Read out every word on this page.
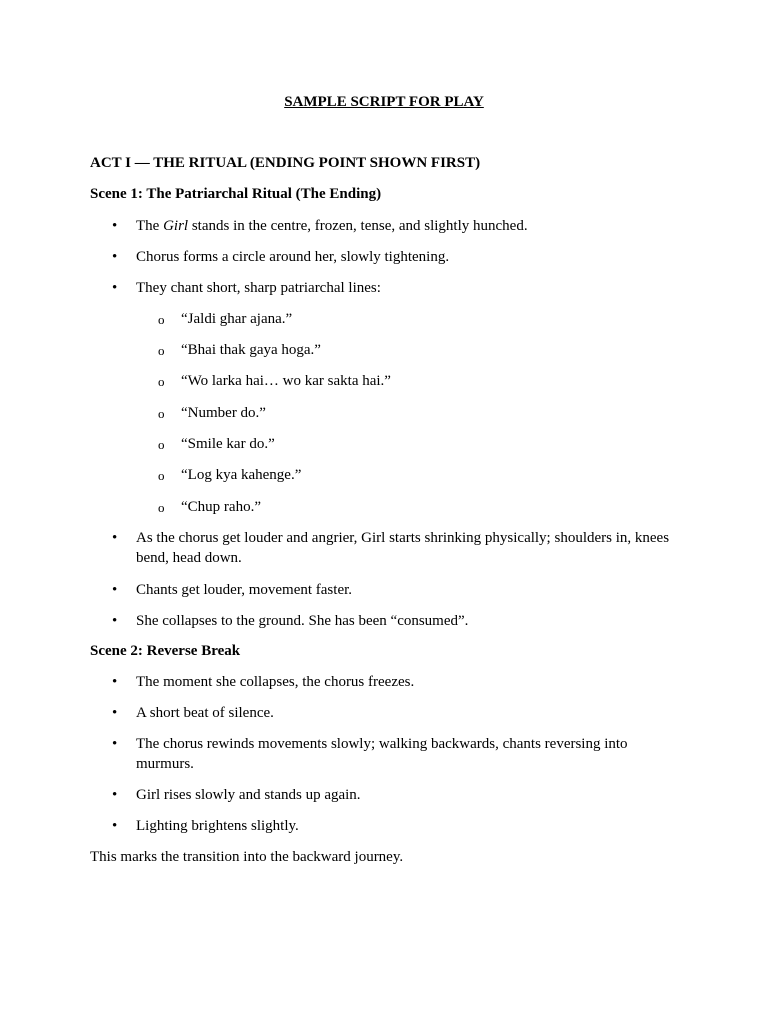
SAMPLE SCRIPT FOR PLAY
ACT I — THE RITUAL (ENDING POINT SHOWN FIRST)
Scene 1: The Patriarchal Ritual (The Ending)
• The Girl stands in the centre, frozen, tense, and slightly hunched.
• Chorus forms a circle around her, slowly tightening.
• They chant short, sharp patriarchal lines:
o “Jaldi ghar ajana.”
o “Bhai thak gaya hoga.”
o “Wo larka hai… wo kar sakta hai.”
o “Number do.”
o “Smile kar do.”
o “Log kya kahenge.”
o “Chup raho.”
• As the chorus get louder and angrier, Girl starts shrinking physically; shoulders in, knees bend, head down.
• Chants get louder, movement faster.
• She collapses to the ground. She has been “consumed”.
Scene 2: Reverse Break
• The moment she collapses, the chorus freezes.
• A short beat of silence.
• The chorus rewinds movements slowly; walking backwards, chants reversing into murmurs.
• Girl rises slowly and stands up again.
• Lighting brightens slightly.
This marks the transition into the backward journey.
